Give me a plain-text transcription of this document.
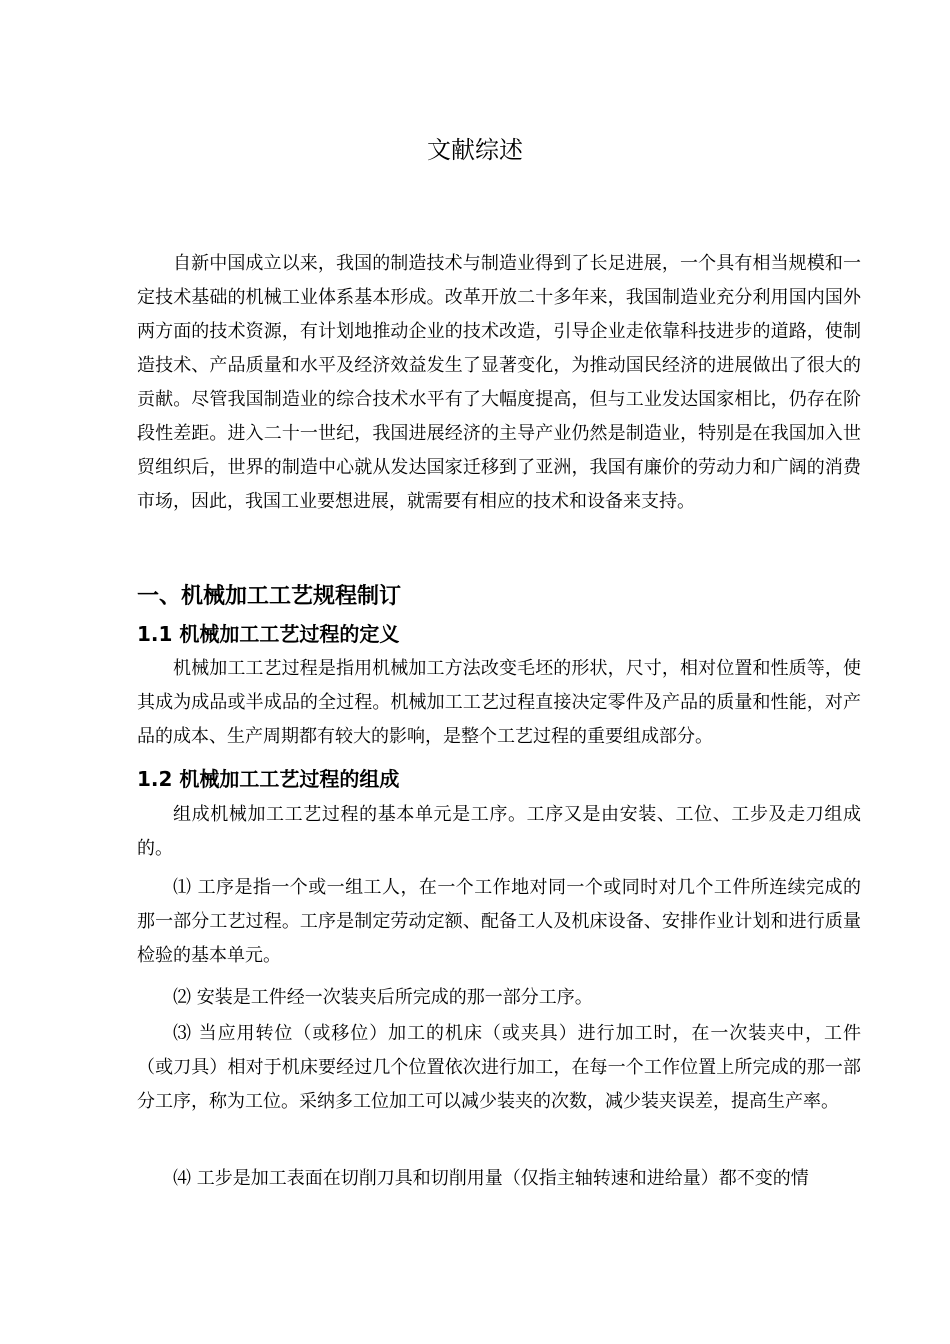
文献综述

自新中国成立以来，我国的制造技术与制造业得到了长足进展，一个具有相当规模和一定技术基础的机械工业体系基本形成。改革开放二十多年来，我国制造业充分利用国内国外两方面的技术资源，有计划地推动企业的技术改造，引导企业走依靠科技进步的道路，使制造技术、产品质量和水平及经济效益发生了显著变化，为推动国民经济的进展做出了很大的贡献。尽管我国制造业的综合技术水平有了大幅度提高，但与工业发达国家相比，仍存在阶段性差距。进入二十一世纪，我国进展经济的主导产业仍然是制造业，特别是在我国加入世贸组织后，世界的制造中心就从发达国家迁移到了亚洲，我国有廉价的劳动力和广阔的消费市场，因此，我国工业要想进展，就需要有相应的技术和设备来支持。

一、机械加工工艺规程制订
1.1 机械加工工艺过程的定义

机械加工工艺过程是指用机械加工方法改变毛坯的形状，尺寸，相对位置和性质等，使其成为成品或半成品的全过程。机械加工工艺过程直接决定零件及产品的质量和性能，对产品的成本、生产周期都有较大的影响，是整个工艺过程的重要组成部分。

1.2 机械加工工艺过程的组成

组成机械加工工艺过程的基本单元是工序。工序又是由安装、工位、工步及走刀组成的。

⑴ 工序是指一个或一组工人，在一个工作地对同一个或同时对几个工件所连续完成的那一部分工艺过程。工序是制定劳动定额、配备工人及机床设备、安排作业计划和进行质量检验的基本单元。

⑵ 安装是工件经一次装夹后所完成的那一部分工序。

⑶ 当应用转位（或移位）加工的机床（或夹具）进行加工时，在一次装夹中，工件（或刀具）相对于机床要经过几个位置依次进行加工，在每一个工作位置上所完成的那一部分工序，称为工位。采纳多工位加工可以减少装夹的次数，减少装夹误差，提高生产率。

⑷ 工步是加工表面在切削刀具和切削用量（仅指主轴转速和进给量）都不变的情
